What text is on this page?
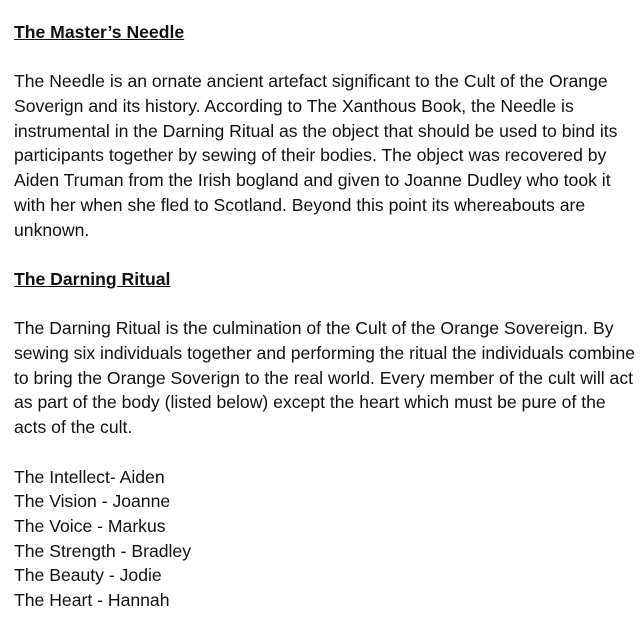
The Master’s Needle

The Needle is an ornate ancient artefact significant to the Cult of the Orange Soverign and its history. According to The Xanthous Book, the Needle is instrumental in the Darning Ritual as the object that should be used to bind its participants together by sewing of their bodies. The object was recovered by Aiden Truman from the Irish bogland and given to Joanne Dudley who took it with her when she fled to Scotland. Beyond this point its whereabouts are unknown.

The Darning Ritual

The Darning Ritual is the culmination of the Cult of the Orange Sovereign. By sewing six individuals together and performing the ritual the individuals combine to bring the Orange Soverign to the real world. Every member of the cult will act as part of the body (listed below) except the heart which must be pure of the acts of the cult.

The Intellect- Aiden

The Vision - Joanne

The Voice - Markus

The Strength - Bradley

The Beauty - Jodie

The Heart - Hannah
